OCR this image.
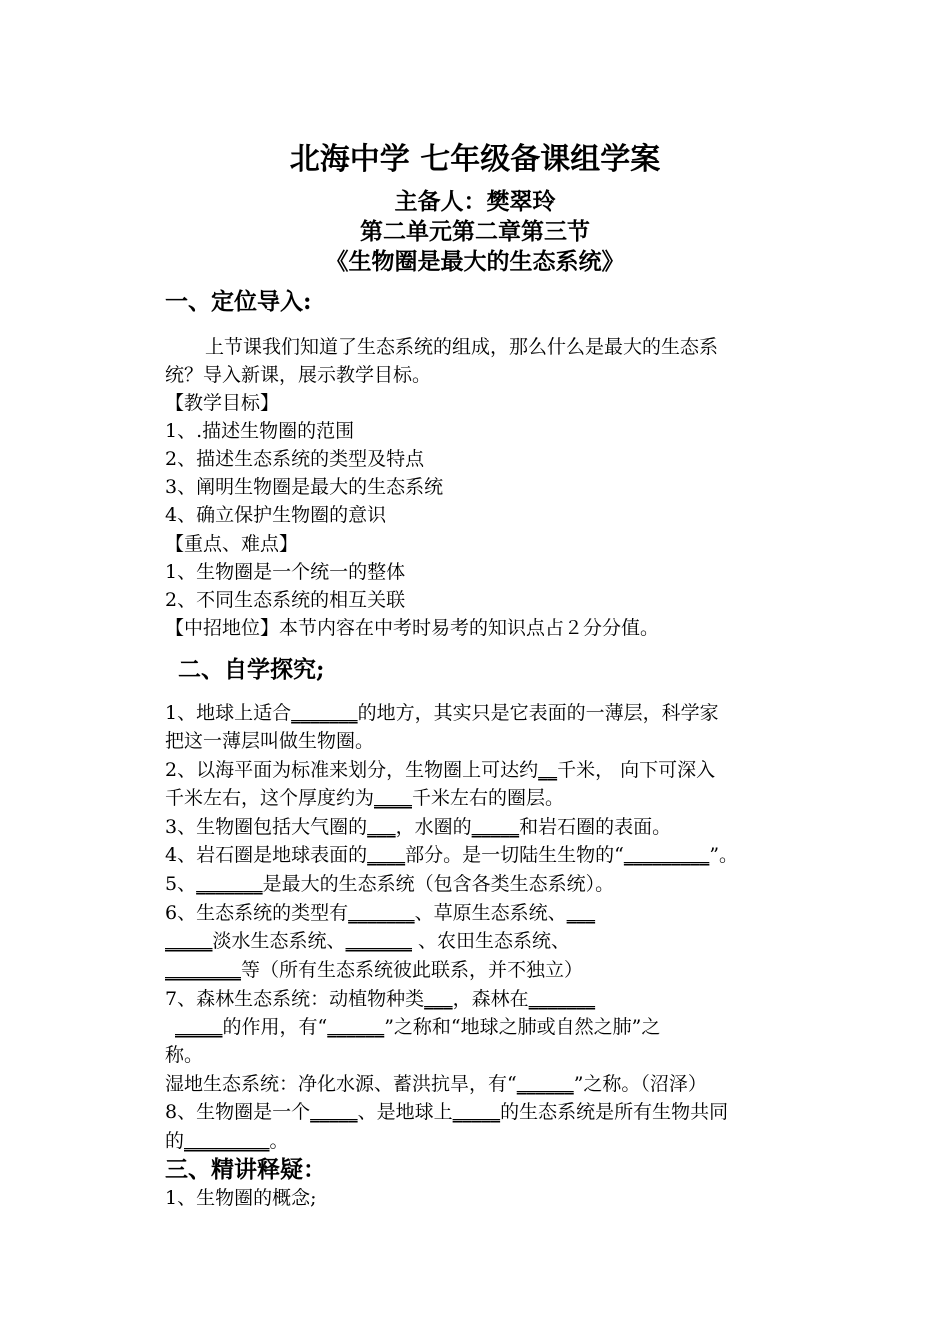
北海中学 七年级备课组学案
主备人：樊翠玲
第二单元第二章第三节
《生物圈是最大的生态系统》
一、定位导入:
上节课我们知道了生态系统的组成，那么什么是最大的生态系
统？导入新课，展示教学目标。
【教学目标】
1、.描述生物圈的范围
2、描述生态系统的类型及特点
3、阐明生物圈是最大的生态系统
4、确立保护生物圈的意识
【重点、难点】
1、生物圈是一个统一的整体
2、不同生态系统的相互关联
【中招地位】本节内容在中考时易考的知识点占２分分值。
二、自学探究;
1、地球上适合_______的地方，其实只是它表面的一薄层，科学家
把这一薄层叫做生物圈。
2、以海平面为标准来划分，生物圈上可达约__千米， 向下可深入
千米左右，这个厚度约为____千米左右的圈层。
3、生物圈包括大气圈的___，水圈的_____和岩石圈的表面。
4、岩石圈是地球表面的____部分。是一切陆生生物的“_________”。
5、_______是最大的生态系统（包含各类生态系统）。
6、生态系统的类型有_______、草原生态系统、___
_____淡水生态系统、_______ 、农田生态系统、
________等（所有生态系统彼此联系，并不独立）
7、森林生态系统：动植物种类___，森林在_______
_____的作用，有“______”之称和“地球之肺或自然之肺”之
称。
湿地生态系统：净化水源、蓄洪抗旱，有“______”之称。（沼泽）
8、生物圈是一个_____、是地球上_____的生态系统是所有生物共同
的_________。
三、精讲释疑：
1、生物圈的概念;
